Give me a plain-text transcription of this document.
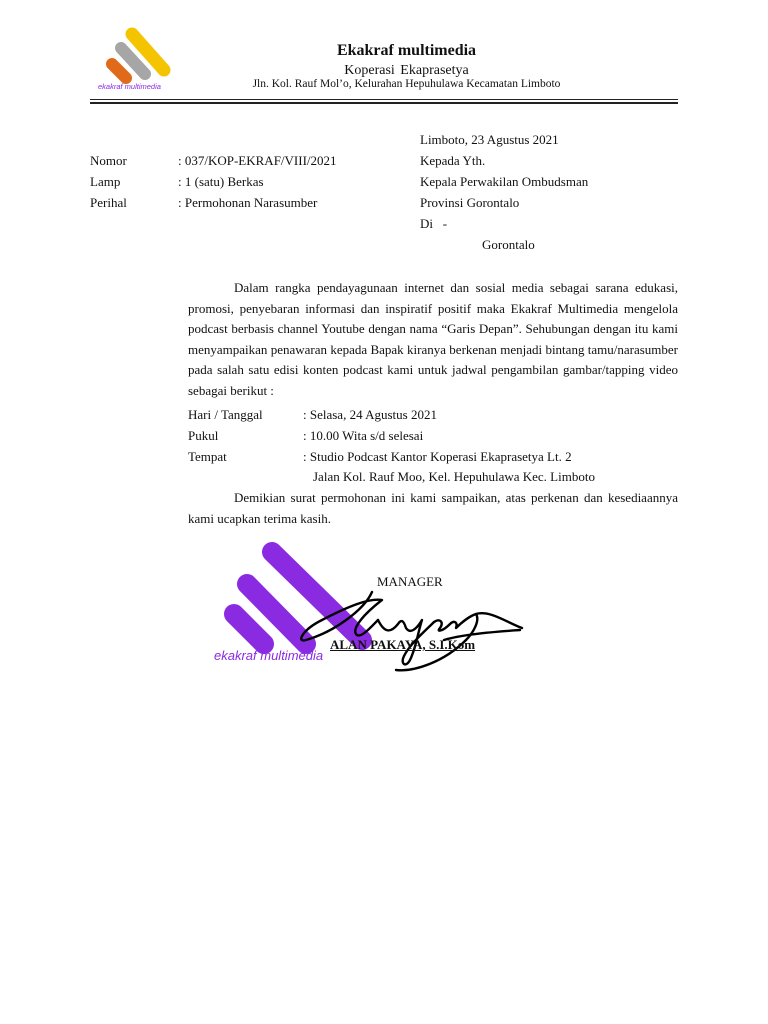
ekakraf multimedia
Ekakraf multimedia
Koperasi Ekaprasetya
Jln. Kol. Rauf Mol’o, Kelurahan Hepuhulawa Kecamatan Limboto
Nomor	: 037/KOP-EKRAF/VIII/2021
Lamp	: 1 (satu) Berkas
Perihal	: Permohonan Narasumber
Limboto, 23 Agustus 2021
Kepada Yth.
Kepala Perwakilan Ombudsman
Provinsi Gorontalo
Di   -
Gorontalo
Dalam rangka pendayagunaan internet dan sosial media sebagai sarana edukasi, promosi, penyebaran informasi dan inspiratif positif maka Ekakraf Multimedia mengelola podcast berbasis channel Youtube dengan nama “Garis Depan”. Sehubungan dengan itu kami menyampaikan penawaran kepada Bapak kiranya berkenan menjadi bintang tamu/narasumber pada salah satu edisi konten podcast kami untuk jadwal pengambilan gambar/tapping video sebagai berikut :
Hari / Tanggal	: Selasa, 24 Agustus 2021
Pukul	: 10.00 Wita s/d selesai
Tempat	: Studio Podcast Kantor Koperasi Ekaprasetya Lt. 2
Jalan Kol. Rauf Moo, Kel. Hepuhulawa Kec. Limboto
Demikian surat permohonan ini kami sampaikan, atas perkenan dan kesediaannya kami ucapkan terima kasih.
ekakraf multimedia
MANAGER
ALAN PAKAYA, S.I.Kom
